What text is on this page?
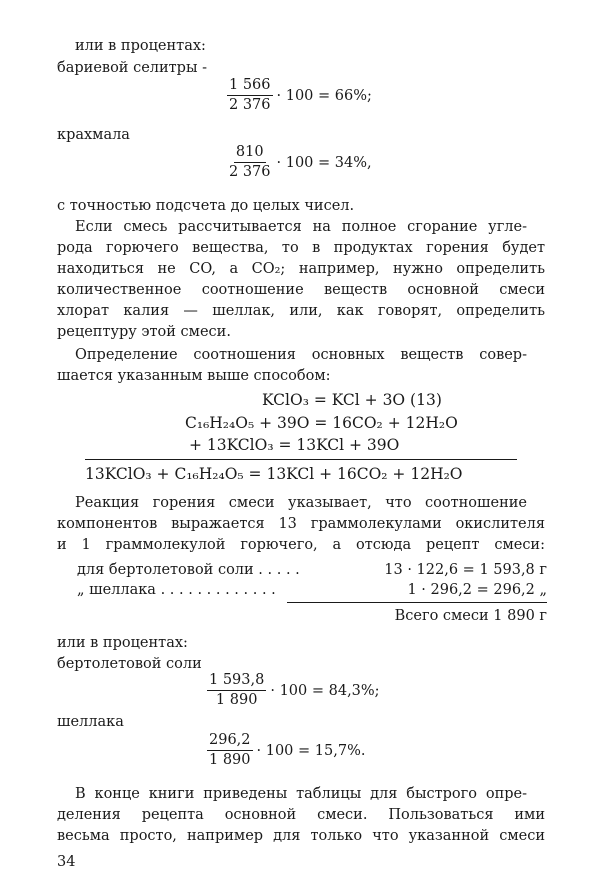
или в процентах:
бариевой селитры -
$\frac{1 566}{2 376} \cdot 100 = 66\%$;
крахмала
$\frac{810}{2 376} \cdot 100 = 34\%$,
с точностью подсчета до целых чисел.
Если смесь рассчитывается на полное сгорание угле-
рода горючего вещества, то в продуктах горения будет
находиться не CO, а CO₂; например, нужно определить
количественное соотношение веществ основной смеси
хлорат калия — шеллак, или, как говорят, определить
рецептуру этой смеси.
Определение соотношения основных веществ совер-
шается указанным выше способом:
KClO₃ = KCl + 3O (13)
C₁₆H₂₄O₅ + 39O = 16CO₂ + 12H₂O
+ 13KClO₃ = 13KCl + 39O
13KClO₃ + C₁₆H₂₄O₅ = 13KCl + 16CO₂ + 12H₂O
Реакция горения смеси указывает, что соотношение
компонентов выражается 13 граммолекулами окислителя
и 1 граммолекулой горючего, а отсюда рецепт смеси:
для бертолетовой соли . . . . .	13 · 122,6 = 1 593,8 г
„ шеллака . . . . . . . . . . . . .	1 · 296,2 = 296,2 „
Всего смеси 1 890 г
или в процентах:
бертолетовой соли
$\frac{1 593,8}{1 890} \cdot 100 = 84,3\%$;
шеллака
$\frac{296,2}{1 890} \cdot 100 = 15,7\%$.
В конце книги приведены таблицы для быстрого опре-
деления рецепта основной смеси. Пользоваться ими
весьма просто, например для только что указанной смеси
34
